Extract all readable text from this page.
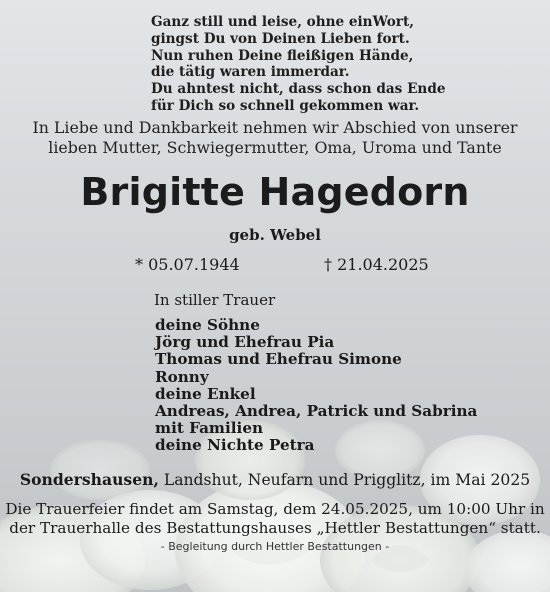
Ganz still und leise, ohne einWort,
gingst Du von Deinen Lieben fort.
Nun ruhen Deine fleißigen Hände,
die tätig waren immerdar.
Du ahntest nicht, dass schon das Ende
für Dich so schnell gekommen war.
In Liebe und Dankbarkeit nehmen wir Abschied von unserer
lieben Mutter, Schwiegermutter, Oma, Uroma und Tante
Brigitte Hagedorn
geb. Webel
* 05.07.1944	† 21.04.2025
In stiller Trauer
deine Söhne
Jörg und Ehefrau Pia
Thomas und Ehefrau Simone
Ronny
deine Enkel
Andreas, Andrea, Patrick und Sabrina
mit Familien
deine Nichte Petra
Sondershausen, Landshut, Neufarn und Prigglitz, im Mai 2025
Die Trauerfeier findet am Samstag, dem 24.05.2025, um 10:00 Uhr in
der Trauerhalle des Bestattungshauses „Hettler Bestattungen“ statt.
- Begleitung durch Hettler Bestattungen -
